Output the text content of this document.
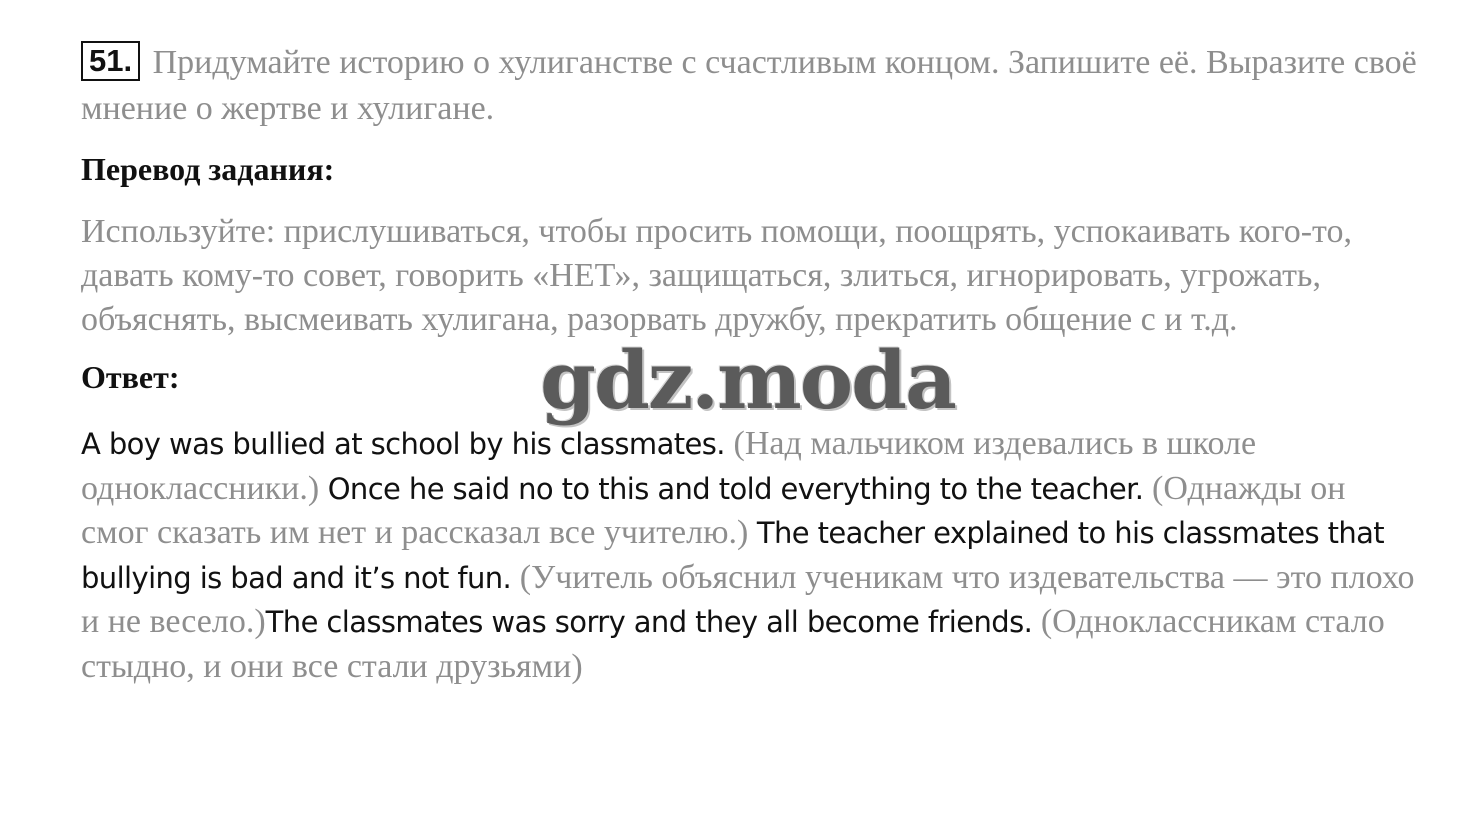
51. Придумайте историю о хулиганстве с счастливым концом. Запишите её. Выразите своё мнение о жертве и хулигане.

Перевод задания:

Используйте: прислушиваться, чтобы просить помощи, поощрять, успокаивать кого-то, давать кому-то совет, говорить «НЕТ», защищаться, злиться, игнорировать, угрожать, объяснять, высмеивать хулигана, разорвать дружбу, прекратить общение с и т.д.

Ответ:

A boy was bullied at school by his classmates. (Над мальчиком издевались в школе одноклассники.) Once he said no to this and told everything to the teacher. (Однажды он смог сказать им нет и рассказал все учителю.) The teacher explained to his classmates that bullying is bad and it’s not fun. (Учитель объяснил ученикам что издевательства — это плохо и не весело.)The classmates was sorry and they all become friends. (Одноклассникам стало стыдно, и они все стали друзьями)

gdz.moda
